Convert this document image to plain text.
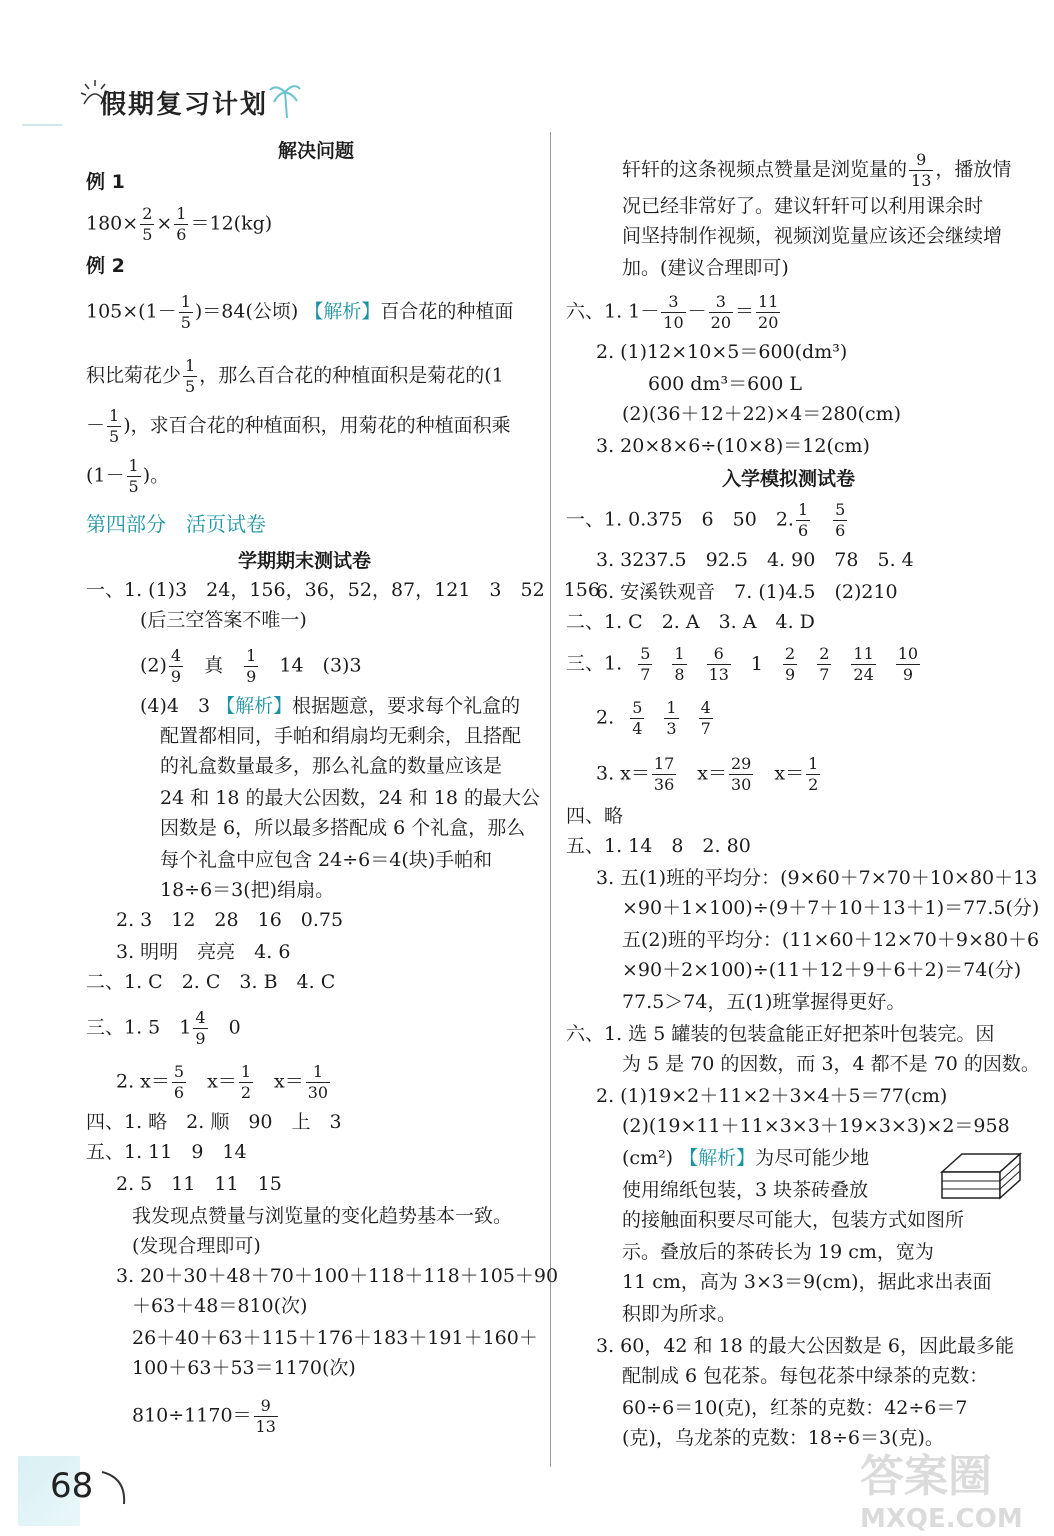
假期复习计划
解决问题
例 1
$180\times \frac{2}{5} \times \frac{1}{6} =12(kg)$
例 2
$105\times(1- \frac{1}{5} )=84$(公顷) 【解析】百合花的种植面
积比菊花少 $\frac{1}{5}$ ，那么百合花的种植面积是菊花的(1
－ $\frac{1}{5}$ )，求百合花的种植面积，用菊花的种植面积乘
($1- \frac{1}{5}$ )。
第四部分　活页试卷
学期期末测试卷
一、1. (1)3　24，156，36，52，87，121　3　52　156
(后三空答案不唯一)
$(2) \frac{4}{9}$
　 真　 $\frac{1}{9}$
　 14　(3)3
(4)4　3 【解析】根据题意，要求每个礼盒的
配置都相同，手帕和绢扇均无剩余，且搭配
的礼盒数量最多，那么礼盒的数量应该是
24 和 18 的最大公因数，24 和 18 的最大公
因数是 6，所以最多搭配成 6 个礼盒，那么
每个礼盒中应包含 24÷6＝4(块)手帕和
18÷6＝3(把)绢扇。
2. 3　12　28　16　0.75
3. 明明　亮亮　4. 6
二、1. C　2. C　3. B　4. C
三、1. 5　$1 \frac{4}{9}$
　 0
2. $x= \frac{5}{6}$
　 $x= \frac{1}{2}$
　 $x= \frac{1}{30}$
四、1. 略　2. 顺　90　上　3
五、1. 11　9　14
2. 5　11　11　15
我发现点赞量与浏览量的变化趋势基本一致。
(发现合理即可)
3. 20＋30＋48＋70＋100＋118＋118＋105＋90
＋63＋48＝810(次)
26＋40＋63＋115＋176＋183＋191＋160＋
100＋63＋53＝1170(次)
$810\div 1170= \frac{9}{13}$
轩轩的这条视频点赞量是浏览量的 $\frac{9}{13}$ ，播放情
况已经非常好了。建议轩轩可以利用课余时
间坚持制作视频，视频浏览量应该还会继续增
加。(建议合理即可)
六、1. $1- \frac{3}{10} - \frac{3}{20} = \frac{11}{20}$
2. (1)12×10×5＝600(dm³)
600 dm³＝600 L
(2)(36＋12＋22)×4＝280(cm)
3. 20×8×6÷(10×8)＝12(cm)
入学模拟测试卷
一、1. 0.375　6　50　2. $\frac{1}{6}$
　 $\frac{5}{6}$
3. 3237.5　92.5　4. 90　78　5. 4
6. 安溪铁观音　7. (1)4.5　(2)210
二、1. C　2. A　3. A　4. D
三、1. $\frac{5}{7} \frac{1}{8} \frac{6}{13} 1 \frac{2}{9} \frac{2}{7} \frac{11}{24} \frac{10}{9}$
2. $\frac{5}{4} \frac{1}{3} \frac{4}{7}$
3. $x= \frac{17}{36}$
　 $x= \frac{29}{30}$
　 $x= \frac{1}{2}$
四、略
五、1. 14　8　2. 80
3. 五(1)班的平均分：(9×60＋7×70＋10×80＋13
×90＋1×100)÷(9＋7＋10＋13＋1)＝77.5(分)
五(2)班的平均分：(11×60＋12×70＋9×80＋6
×90＋2×100)÷(11＋12＋9＋6＋2)＝74(分)
77.5＞74，五(1)班掌握得更好。
六、1. 选 5 罐装的包装盒能正好把茶叶包装完。因
为 5 是 70 的因数，而 3，4 都不是 70 的因数。
2. (1)19×2＋11×2＋3×4＋5＝77(cm)
(2)(19×11＋11×3×3＋19×3×3)×2＝958
(cm²) 【解析】为尽可能少地
使用绵纸包装，3 块茶砖叠放
的接触面积要尽可能大，包装方式如图所
示。叠放后的茶砖长为 19 cm，宽为
11 cm，高为 3×3＝9(cm)，据此求出表面
积即为所求。
3. 60，42 和 18 的最大公因数是 6，因此最多能
配制成 6 包花茶。每包花茶中绿茶的克数：
60÷6＝10(克)，红茶的克数：42÷6＝7
(克)，乌龙茶的克数：18÷6＝3(克)。
68	答案圈
MXQE.COM
